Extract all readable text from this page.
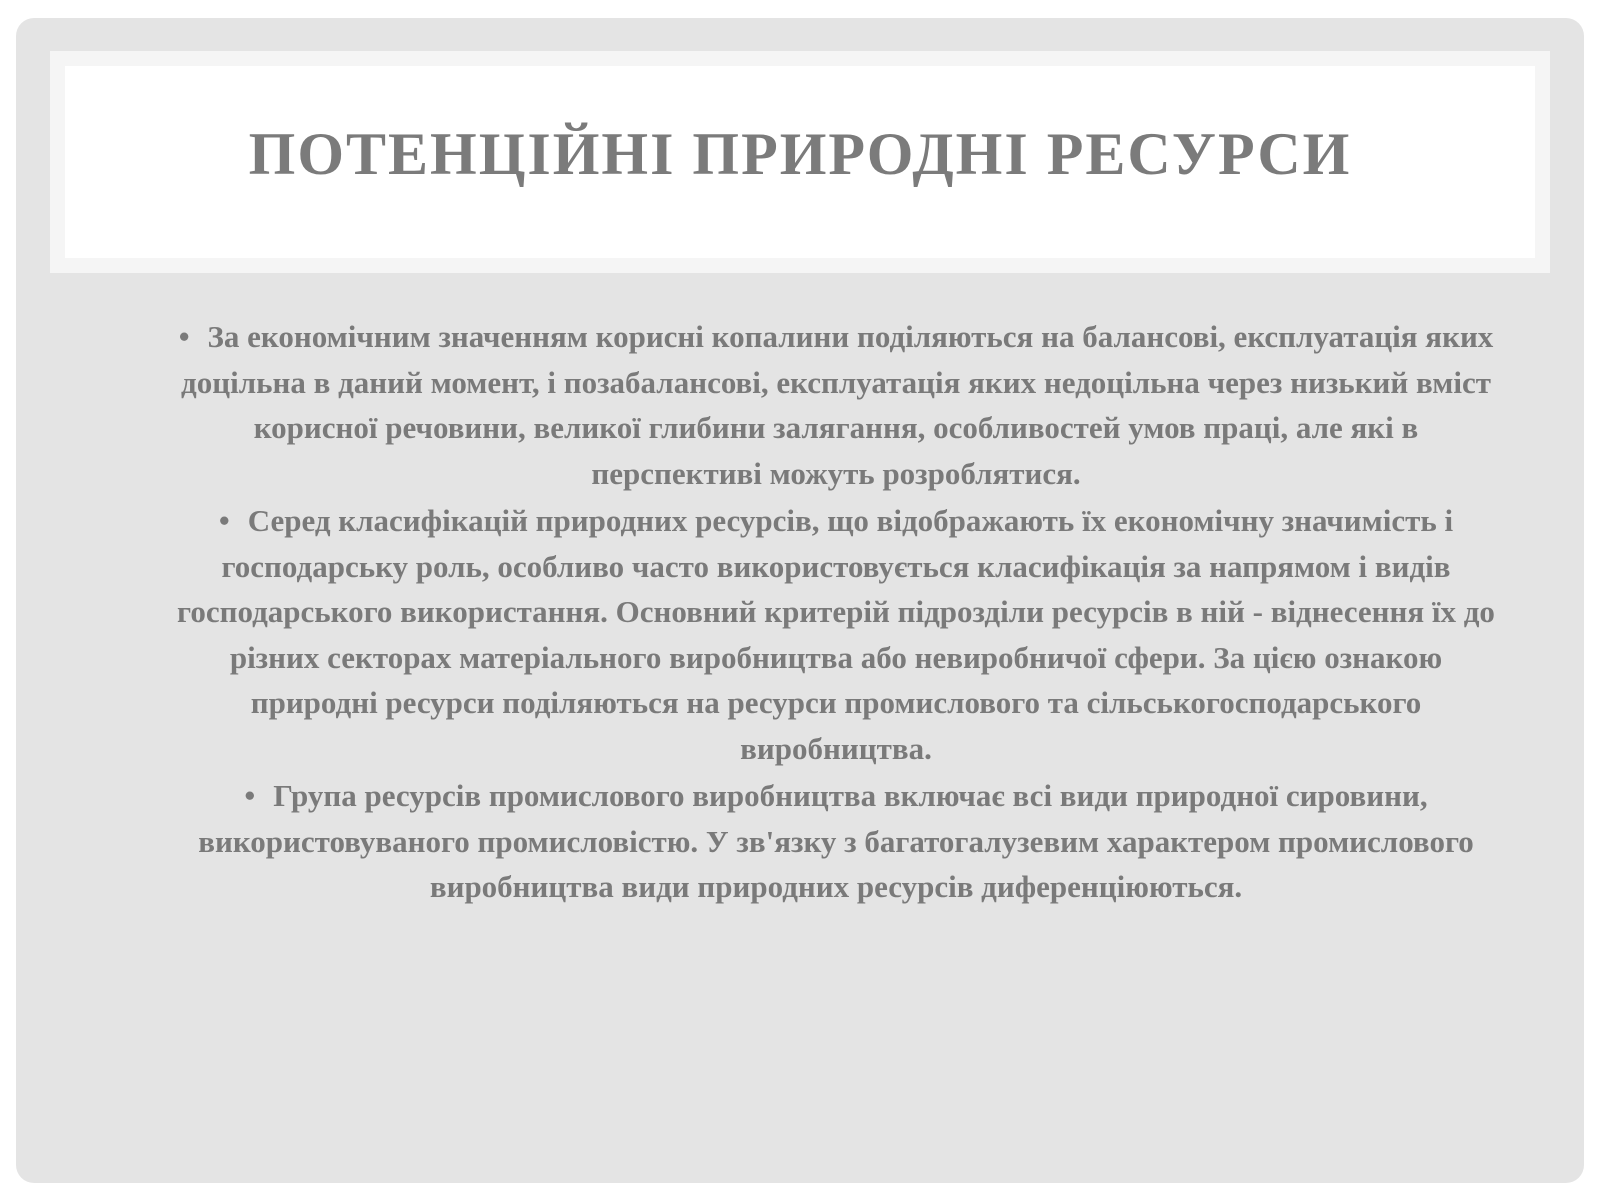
ПОТЕНЦІЙНІ ПРИРОДНІ РЕСУРСИ

• За економічним значенням корисні копалини поділяються на балансові, експлуатація яких доцільна в даний момент, і позабалансові, експлуатація яких недоцільна через низький вміст корисної речовини, великої глибини залягання, особливостей умов праці, але які в перспективі можуть розроблятися.

• Серед класифікацій природних ресурсів, що відображають їх економічну значимість і господарську роль, особливо часто використовується класифікація за напрямом і видів господарського використання. Основний критерій підрозділи ресурсів в ній - віднесення їх до різних секторах матеріального виробництва або невиробничої сфери. За цією ознакою природні ресурси поділяються на ресурси промислового та сільськогосподарського виробництва.

• Група ресурсів промислового виробництва включає всі види природної сировини, використовуваного промисловістю. У зв'язку з багатогалузевим характером промислового виробництва види природних ресурсів диференціюються.
